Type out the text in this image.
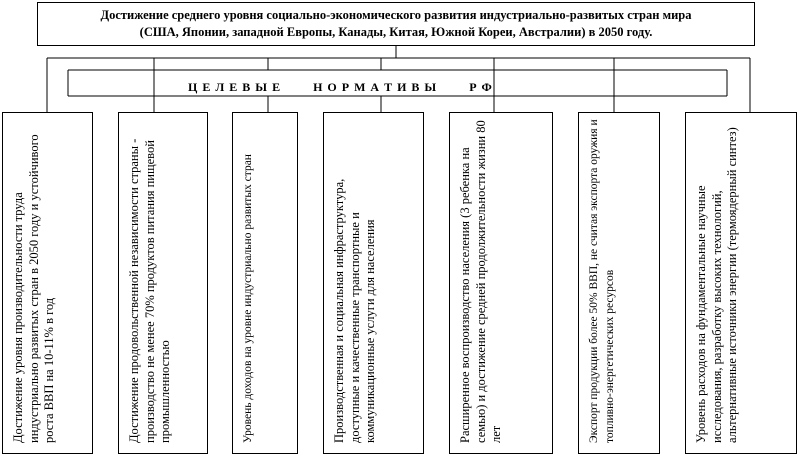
Достижение среднего уровня социально-экономического развития индустриально-развитых стран мира
(США, Японии, западной Европы, Канады, Китая, Южной Кореи, Австралии) в 2050 году.
Ц Е Л Е В Ы Е	Н О Р М А Т И В Ы	Р Ф
Достижение уровня производительности труда индустриально развитых стран в 2050 году и устойчивого роста ВВП на 10-11% в год	Достижение продовольственной независимости страны - производство не менее 70% продуктов питания пищевой промышленностью	Уровень доходов на уровне индустриально развитых стран	Производственная и социальная инфраструктура, доступные и качественные транспортные и коммуникационные услуги для населения	Расширенное воспроизводство населения (3 ребенка на семью) и достижение средней продолжительности жизни 80 лет	Экспорт продукции более 50% ВВП, не считая экспорта оружия и топливно-энергетических ресурсов	Уровень расходов на фундаментальные научные исследования, разработку высоких технологий, альтернативные источники энергии (термоядерный синтез)
